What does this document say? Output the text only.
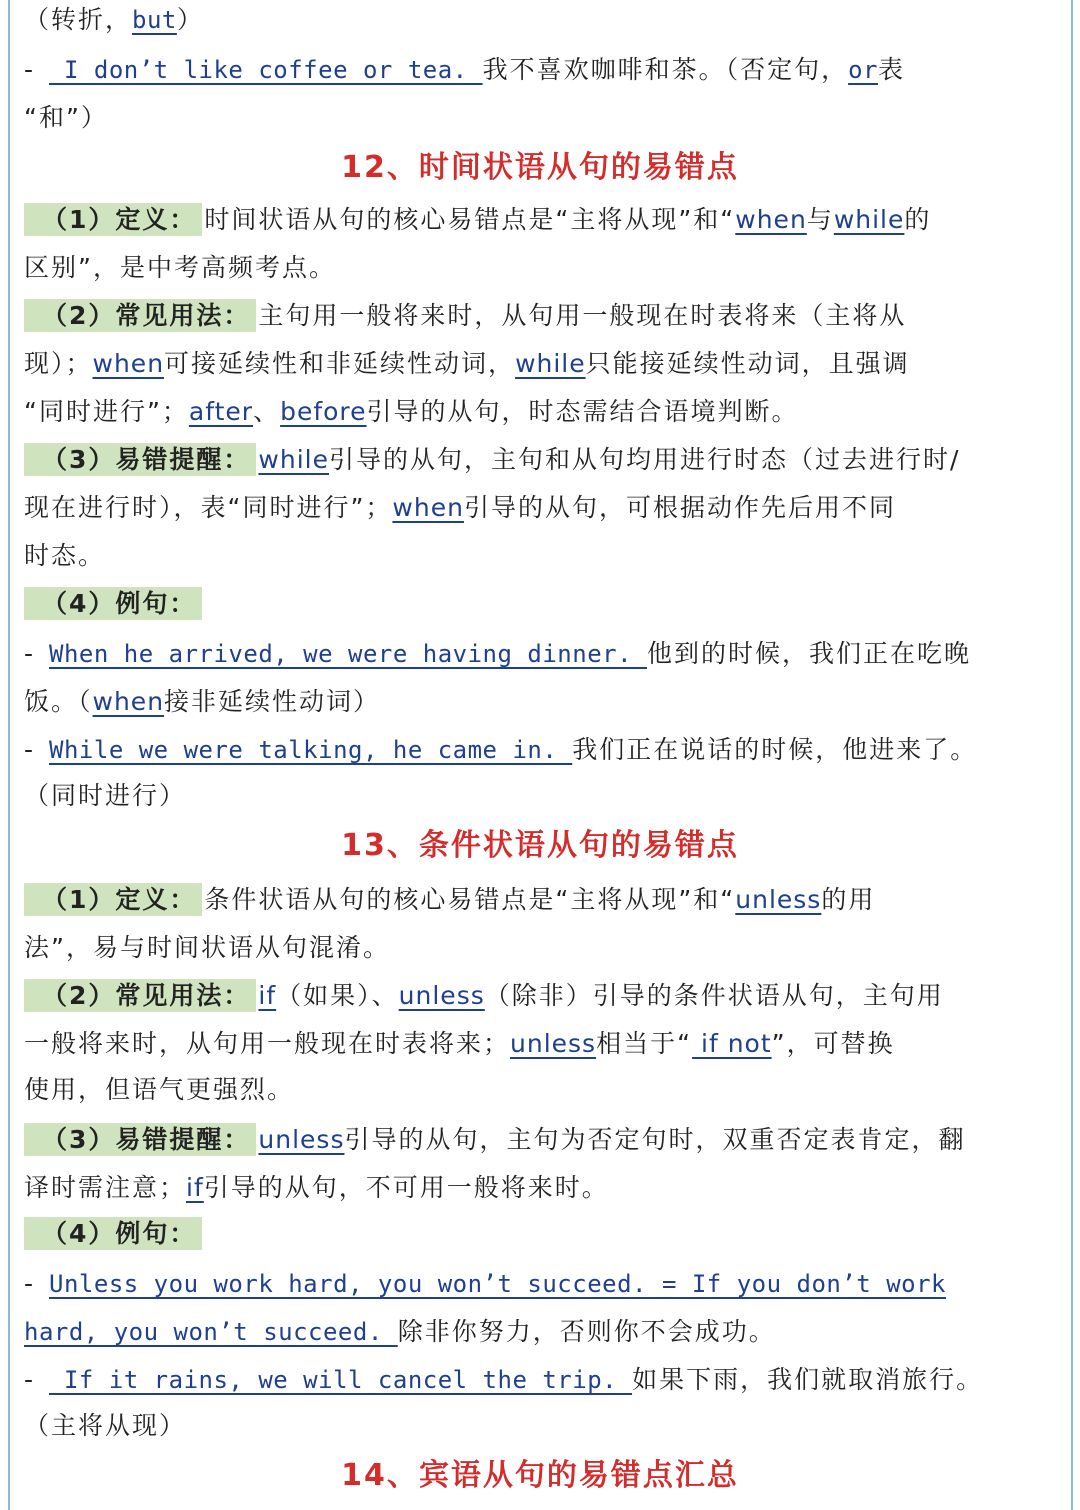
（转折，but）
- I don’t like coffee or tea. 我不喜欢咖啡和茶。（否定句，or表
“和”）
12、时间状语从句的易错点
（1）定义： 时间状语从句的核心易错点是“主将从现”和“when与while的
区别”，是中考高频考点。
（2）常见用法： 主句用一般将来时，从句用一般现在时表将来（主将从
现）；when可接延续性和非延续性动词，while只能接延续性动词，且强调
“同时进行”；after、before引导的从句，时态需结合语境判断。
（3）易错提醒： while引导的从句，主句和从句均用进行时态（过去进行时/
现在进行时），表“同时进行”；when引导的从句，可根据动作先后用不同
时态。
（4）例句：
- When he arrived, we were having dinner. 他到的时候，我们正在吃晚
饭。（when接非延续性动词）
- While we were talking, he came in. 我们正在说话的时候，他进来了。
（同时进行）
13、条件状语从句的易错点
（1）定义： 条件状语从句的核心易错点是“主将从现”和“unless的用
法”，易与时间状语从句混淆。
（2）常见用法： if（如果）、unless（除非）引导的条件状语从句，主句用
一般将来时，从句用一般现在时表将来；unless相当于“ if not”，可替换
使用，但语气更强烈。
（3）易错提醒： unless引导的从句，主句为否定句时，双重否定表肯定，翻
译时需注意；if引导的从句，不可用一般将来时。
（4）例句：
- Unless you work hard, you won’t succeed. = If you don’t work
hard, you won’t succeed. 除非你努力，否则你不会成功。
- If it rains, we will cancel the trip. 如果下雨，我们就取消旅行。
（主将从现）
14、宾语从句的易错点汇总
